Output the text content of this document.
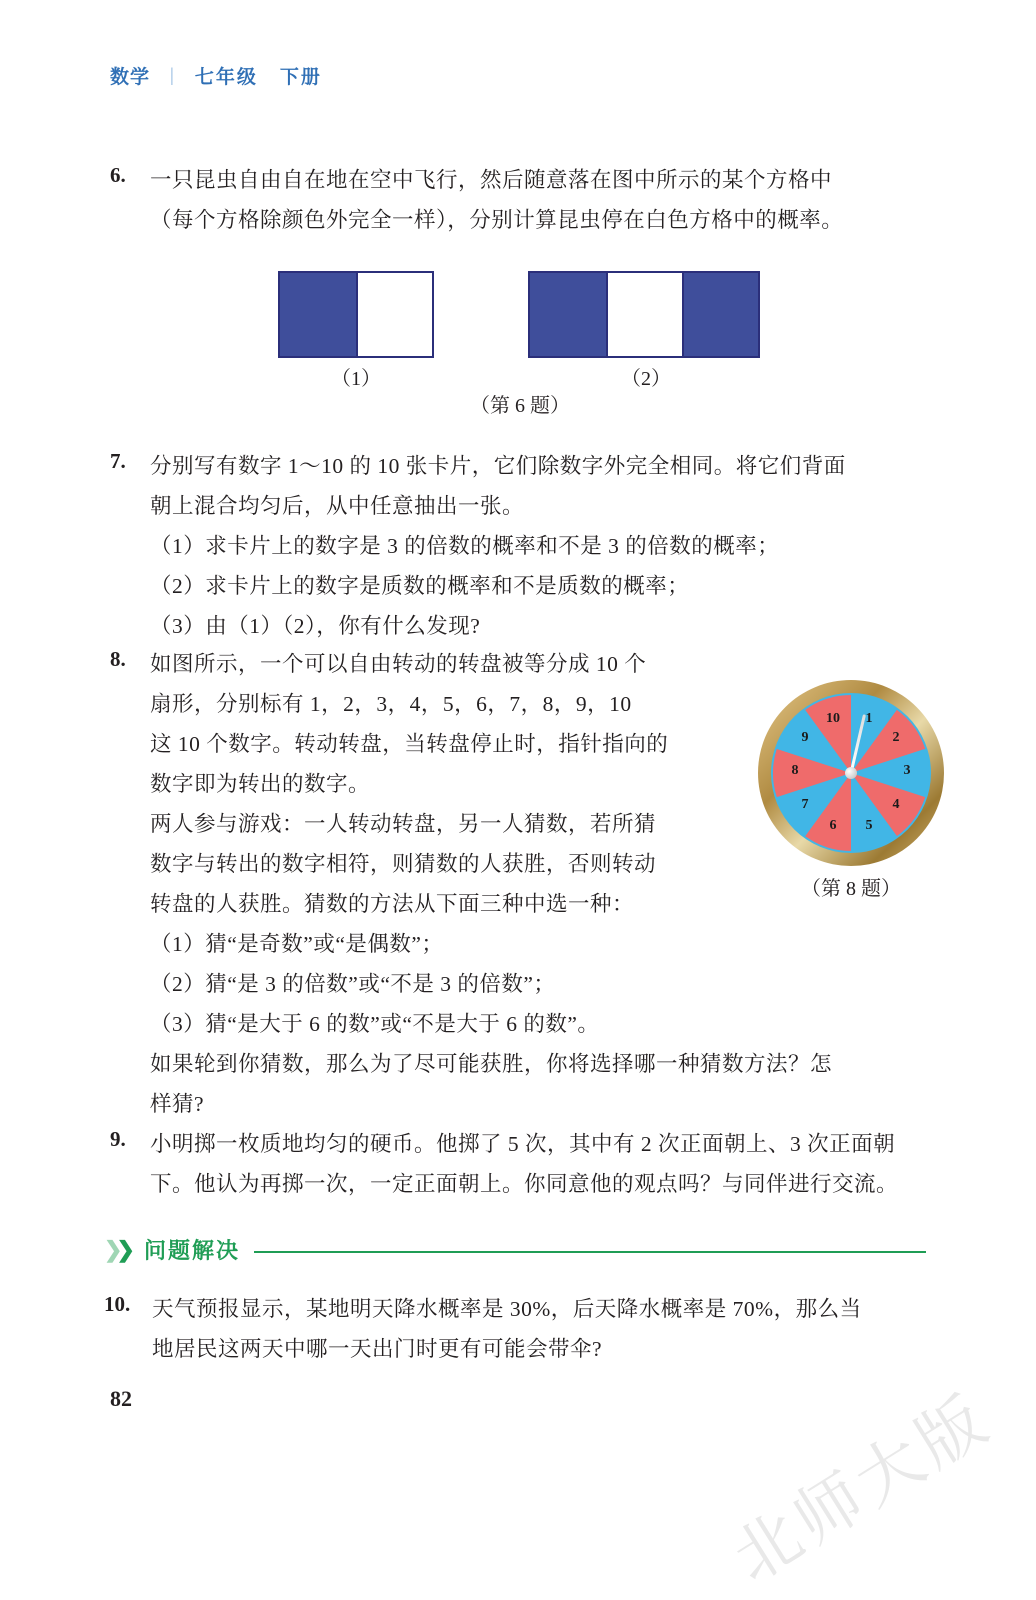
数学 | 七年级 下册
6. 一只昆虫自由自在地在空中飞行，然后随意落在图中所示的某个方格中
（每个方格除颜色外完全一样），分别计算昆虫停在白色方格中的概率。
（1）	（2）
（第 6 题）
7. 分别写有数字 1～10 的 10 张卡片，它们除数字外完全相同。将它们背面
朝上混合均匀后，从中任意抽出一张。
（1）求卡片上的数字是 3 的倍数的概率和不是 3 的倍数的概率；
（2）求卡片上的数字是质数的概率和不是质数的概率；
（3）由（1）（2），你有什么发现?
8. 如图所示，一个可以自由转动的转盘被等分成 10 个
扇形，分别标有 1，2，3，4，5，6，7，8，9，10
这 10 个数字。转动转盘，当转盘停止时，指针指向的
数字即为转出的数字。
两人参与游戏：一人转动转盘，另一人猜数，若所猜
数字与转出的数字相符，则猜数的人获胜，否则转动
转盘的人获胜。猜数的方法从下面三种中选一种：
（1）猜“是奇数”或“是偶数”；
（2）猜“是 3 的倍数”或“不是 3 的倍数”；
（3）猜“是大于 6 的数”或“不是大于 6 的数”。
如果轮到你猜数，那么为了尽可能获胜，你将选择哪一种猜数方法？怎
样猜?
1
2
3
4
5
6
7
8
9
10
（第 8 题）
9. 小明掷一枚质地均匀的硬币。他掷了 5 次，其中有 2 次正面朝上、3 次正面朝
下。他认为再掷一次，一定正面朝上。你同意他的观点吗？与同伴进行交流。
❯❯ 问题解决
10. 天气预报显示，某地明天降水概率是 30%，后天降水概率是 70%，那么当
地居民这两天中哪一天出门时更有可能会带伞?
82	北师大版
